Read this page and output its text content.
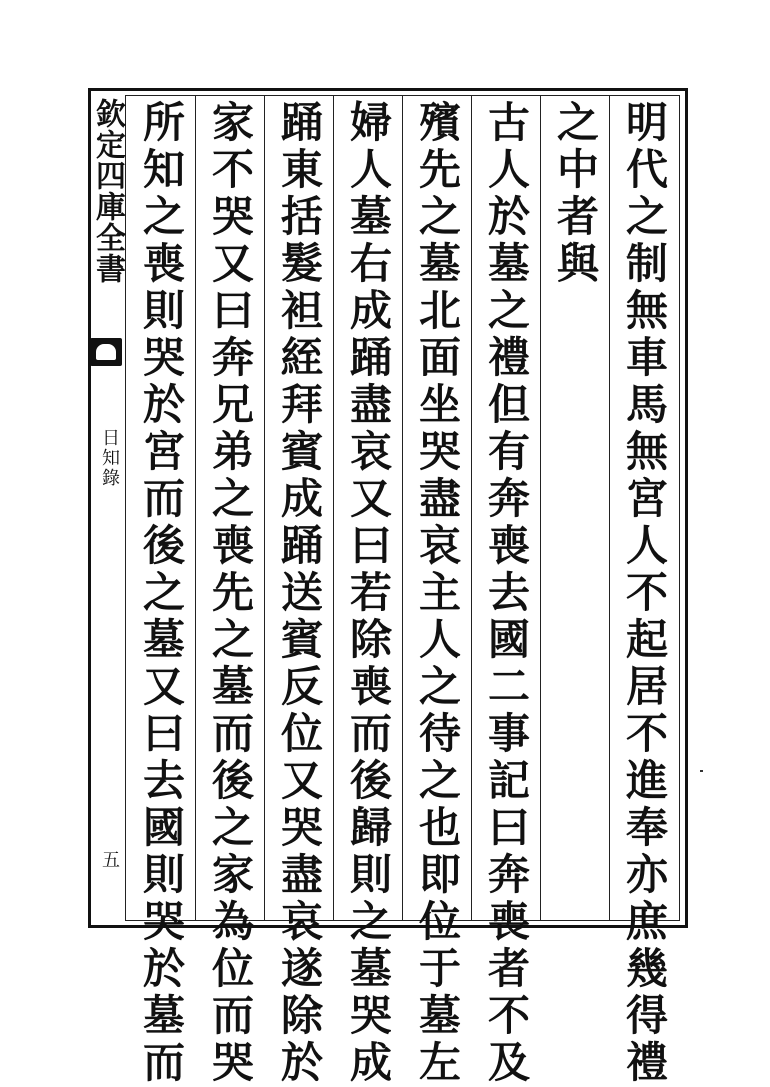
明代之制無車馬無宮人不起居不進奉亦庶幾得禮
之中者與
古人於墓之禮但有奔喪去國二事記曰奔喪者不及
殯先之墓北面坐哭盡哀主人之待之也即位于墓左
婦人墓右成踊盡哀又曰若除喪而後歸則之墓哭成
踊東括髮袒絰拜賓成踊送賓反位又哭盡哀遂除於
家不哭又曰奔兄弟之喪先之墓而後之家為位而哭
所知之喪則哭於宮而後之墓又曰去國則哭於墓而
欽定四庫全書
日知錄
五
